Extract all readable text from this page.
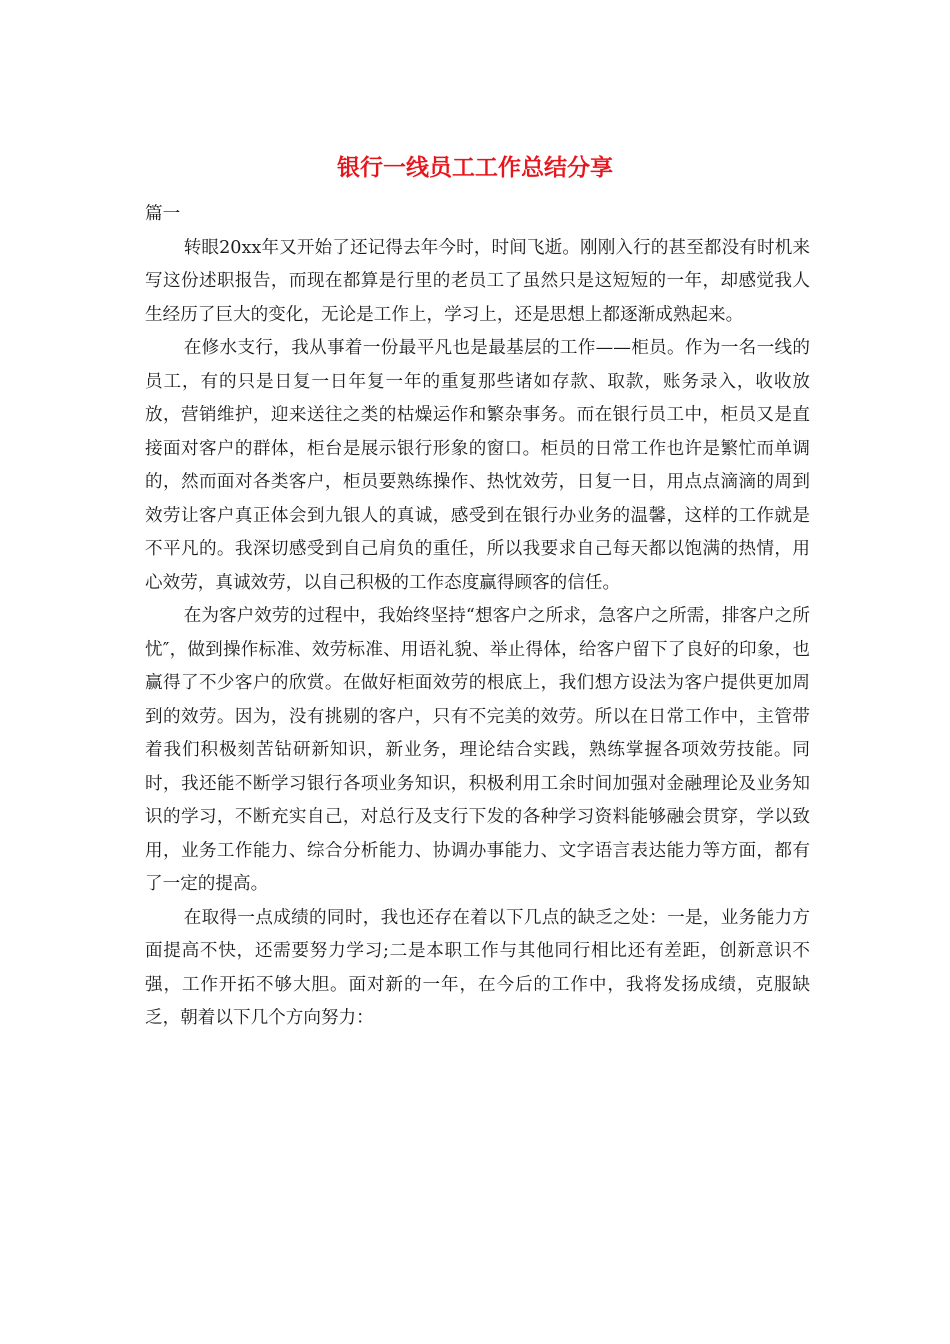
银行一线员工工作总结分享

篇一

转眼20xx年又开始了还记得去年今时，时间飞逝。刚刚入行的甚至都没有时机来写这份述职报告，而现在都算是行里的老员工了虽然只是这短短的一年，却感觉我人生经历了巨大的变化，无论是工作上，学习上，还是思想上都逐渐成熟起来。

在修水支行，我从事着一份最平凡也是最基层的工作——柜员。作为一名一线的员工，有的只是日复一日年复一年的重复那些诸如存款、取款，账务录入，收收放放，营销维护，迎来送往之类的枯燥运作和繁杂事务。而在银行员工中，柜员又是直接面对客户的群体，柜台是展示银行形象的窗口。柜员的日常工作也许是繁忙而单调的，然而面对各类客户，柜员要熟练操作、热忱效劳，日复一日，用点点滴滴的周到效劳让客户真正体会到九银人的真诚，感受到在银行办业务的温馨，这样的工作就是不平凡的。我深切感受到自己肩负的重任，所以我要求自己每天都以饱满的热情，用心效劳，真诚效劳，以自己积极的工作态度赢得顾客的信任。

在为客户效劳的过程中，我始终坚持“想客户之所求，急客户之所需，排客户之所忧″，做到操作标准、效劳标准、用语礼貌、举止得体，给客户留下了良好的印象，也赢得了不少客户的欣赏。在做好柜面效劳的根底上，我们想方设法为客户提供更加周到的效劳。因为，没有挑剔的客户，只有不完美的效劳。所以在日常工作中，主管带着我们积极刻苦钻研新知识，新业务，理论结合实践，熟练掌握各项效劳技能。同时，我还能不断学习银行各项业务知识，积极利用工余时间加强对金融理论及业务知识的学习，不断充实自己，对总行及支行下发的各种学习资料能够融会贯穿，学以致用，业务工作能力、综合分析能力、协调办事能力、文字语言表达能力等方面，都有了一定的提高。

在取得一点成绩的同时，我也还存在着以下几点的缺乏之处：一是，业务能力方面提高不快，还需要努力学习;二是本职工作与其他同行相比还有差距，创新意识不强，工作开拓不够大胆。面对新的一年，在今后的工作中，我将发扬成绩，克服缺乏，朝着以下几个方向努力：
